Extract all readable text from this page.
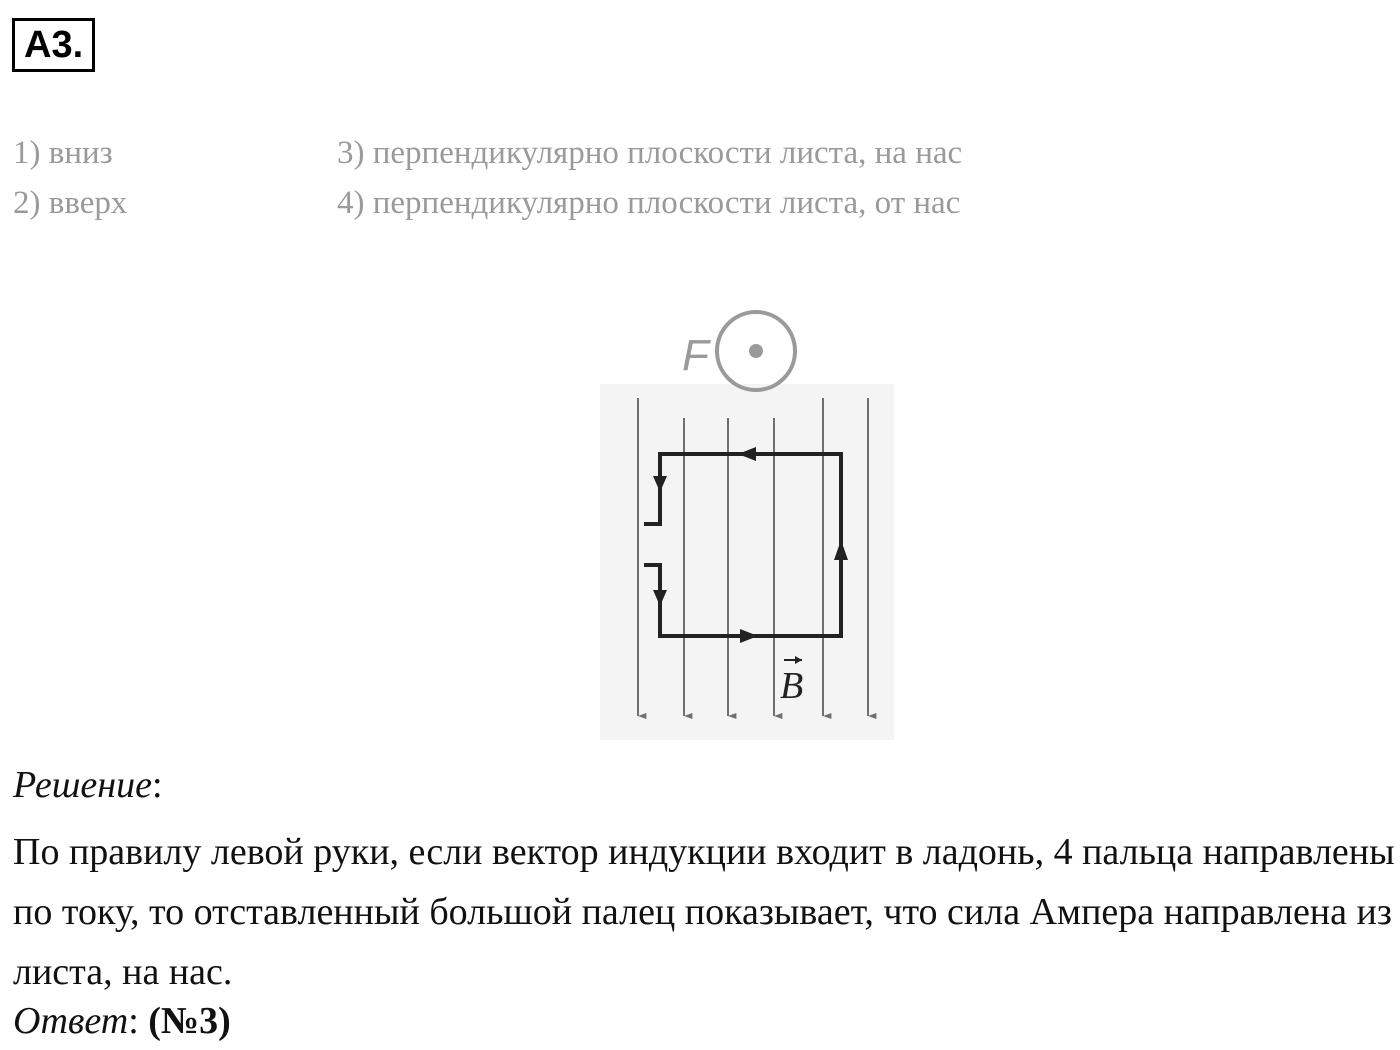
А3.
1) вниз
2) вверх
3) перпендикулярно плоскости листа, на нас
4) перпендикулярно плоскости листа, от нас
F
B
Решение:
По правилу левой руки, если вектор индукции входит в ладонь, 4 пальца направлены по току, то отставленный большой палец показывает, что сила Ампера направлена из листа, на нас.
Ответ: (№3)
